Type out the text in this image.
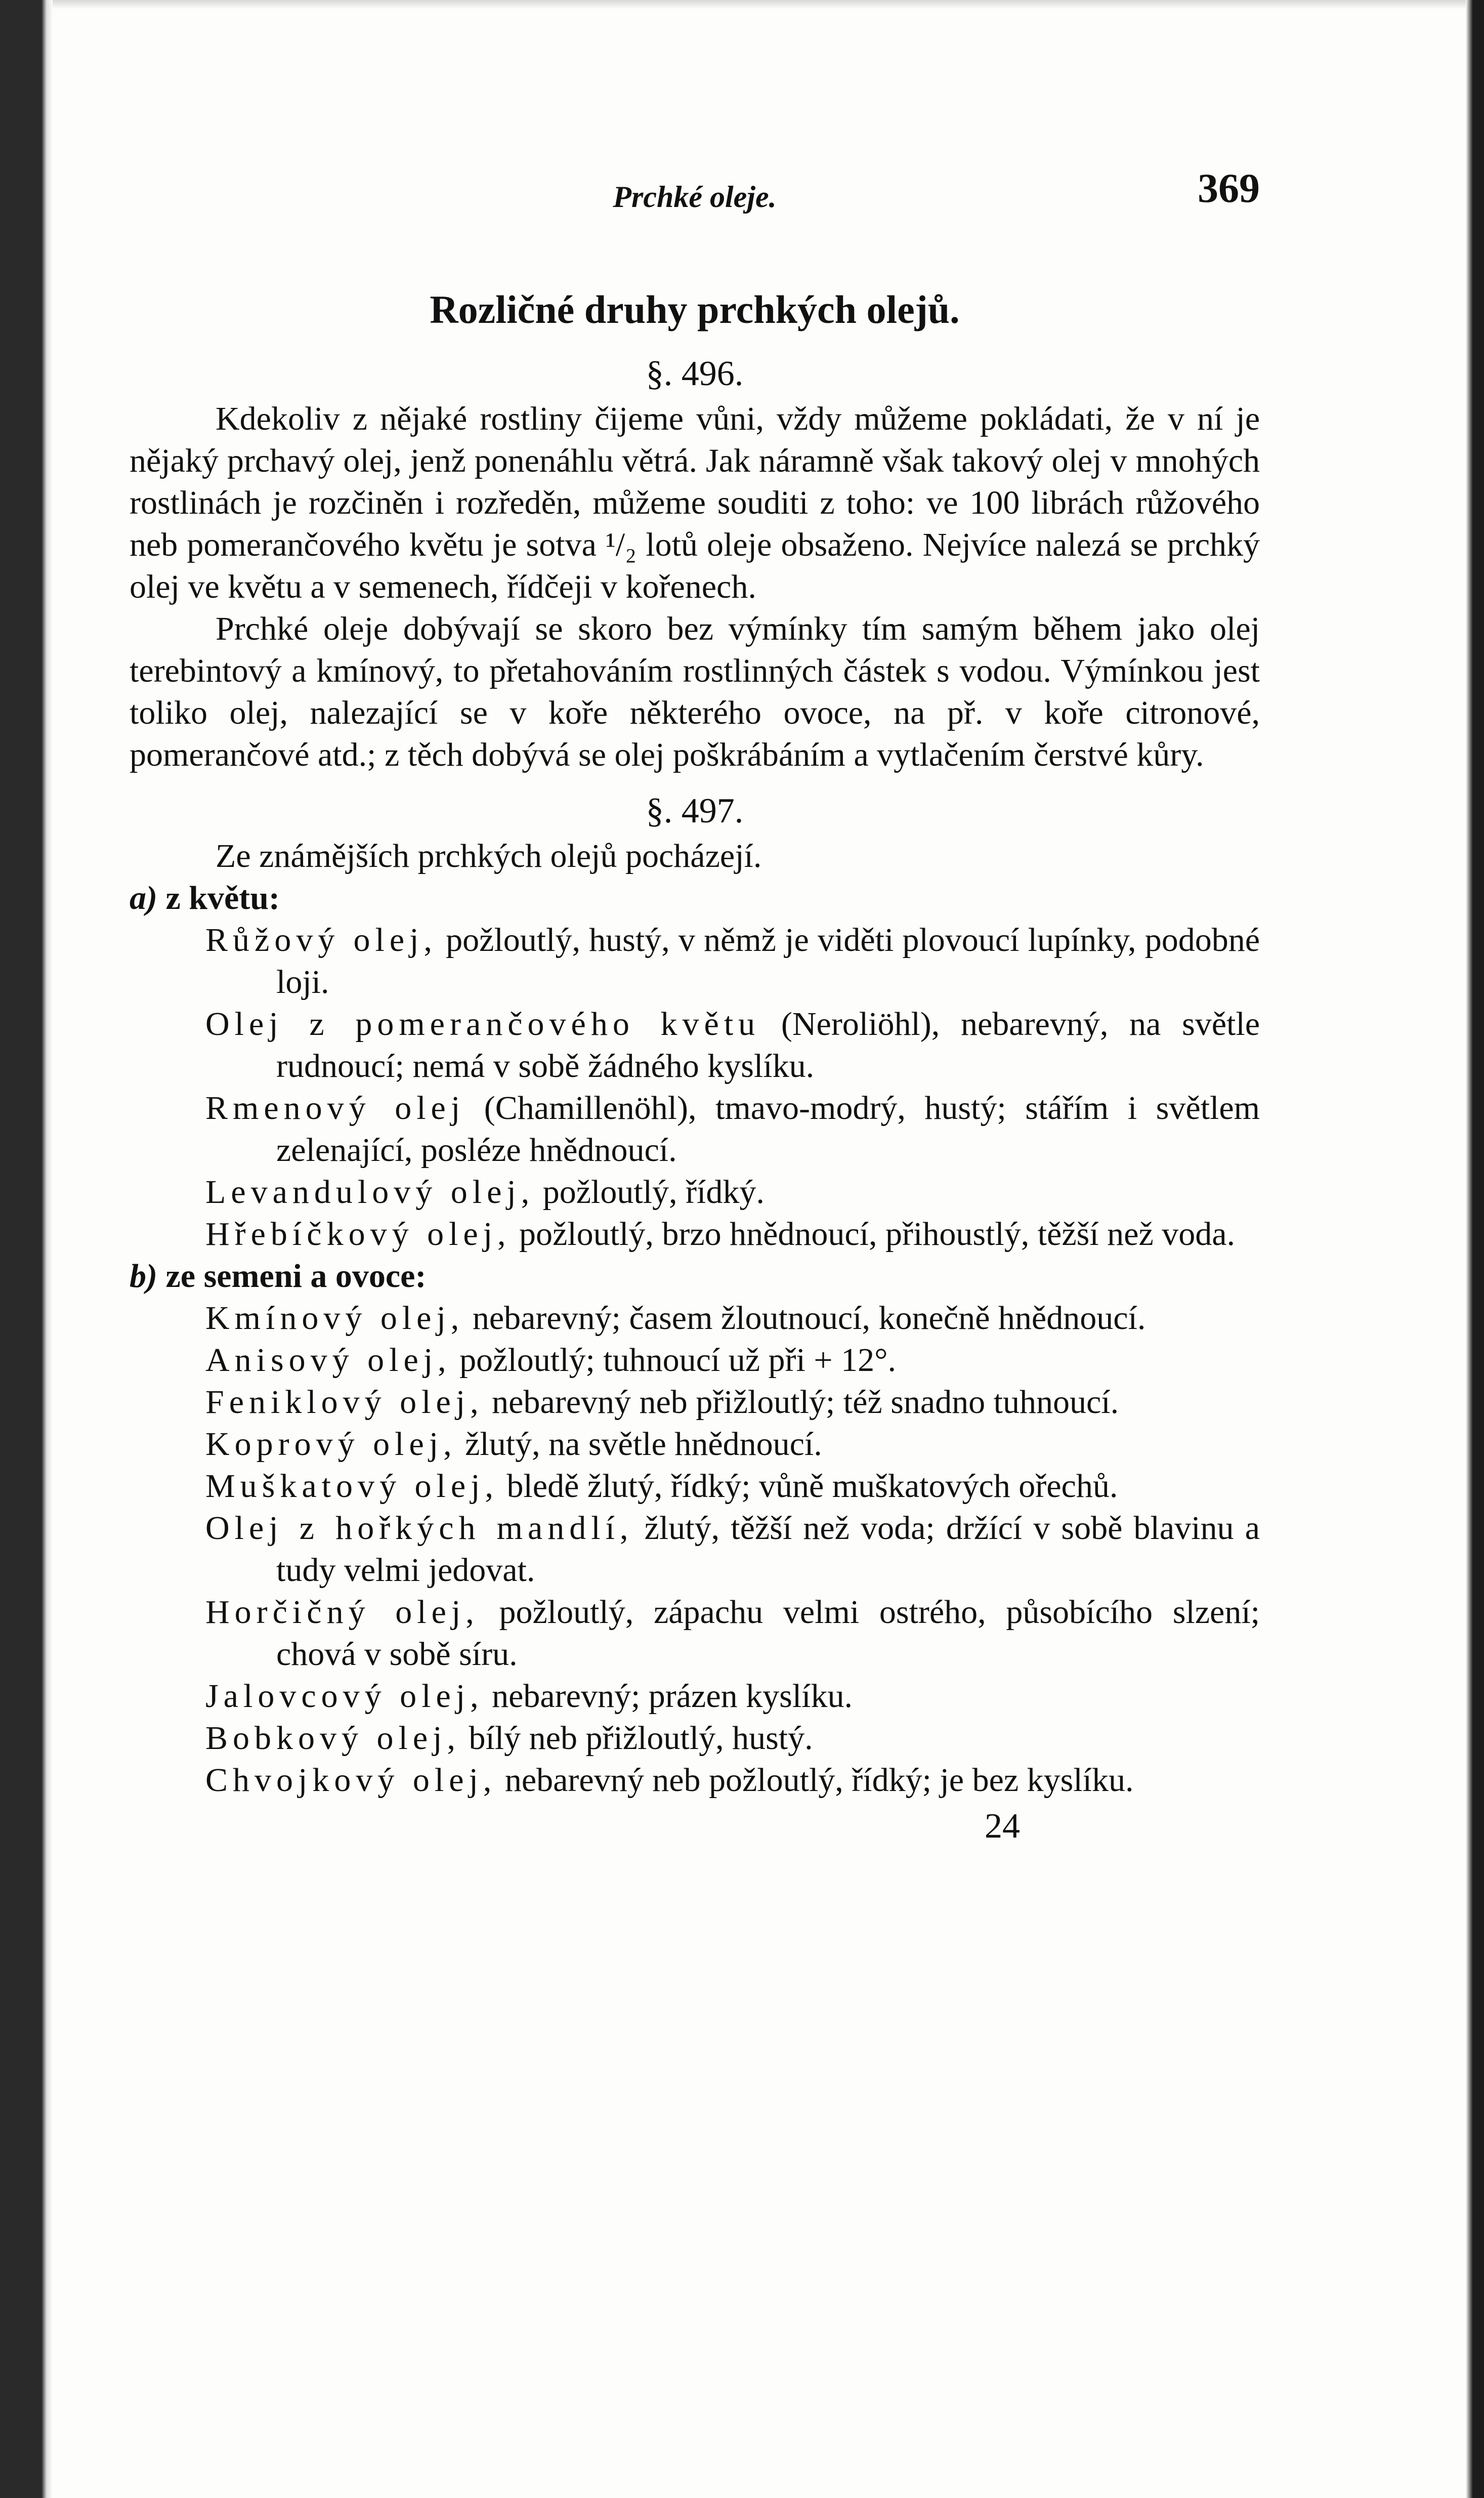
Prchké oleje.	369
Rozličné druhy prchkých olejů.
§. 496.

Kdekoliv z nějaké rostliny čijeme vůni, vždy můžeme pokládati, že v ní je nějaký prchavý olej, jenž ponenáhlu větrá. Jak náramně však takový olej v mnohých rostlinách je rozčiněn i rozředěn, můžeme souditi z toho: ve 100 librách růžového neb pomerančového květu je sotva ¹/₂ lotů oleje obsaženo. Nejvíce nalezá se prchký olej ve květu a v semenech, řídčeji v kořenech.

Prchké oleje dobývají se skoro bez výmínky tím samým během jako olej terebintový a kmínový, to přetahováním rostlinných částek s vodou. Výmínkou jest toliko olej, nalezající se v koře některého ovoce, na př. v koře citronové, pomerančové atd.; z těch dobývá se olej poškrábáním a vytlačením čerstvé kůry.

§. 497.

Ze známějších prchkých olejů pocházejí.

a) z květu:

Růžový olej, požloutlý, hustý, v němž je viděti plovoucí lupínky, podobné loji.

Olej z pomerančového květu (Neroliöhl), nebarevný, na světle rudnoucí; nemá v sobě žádného kyslíku.

Rmenový olej (Chamillenöhl), tmavo-modrý, hustý; stářím i světlem zelenající, posléze hnědnoucí.

Levandulový olej, požloutlý, řídký.

Hřebíčkový olej, požloutlý, brzo hnědnoucí, přihoustlý, těžší než voda.

b) ze semeni a ovoce:

Kmínový olej, nebarevný; časem žloutnoucí, konečně hnědnoucí.

Anisový olej, požloutlý; tuhnoucí už při + 12°.

Feniklový olej, nebarevný neb přižloutlý; též snadno tuhnoucí.

Koprový olej, žlutý, na světle hnědnoucí.

Muškatový olej, bledě žlutý, řídký; vůně muškatových ořechů.

Olej z hořkých mandlí, žlutý, těžší než voda; držící v sobě blavinu a tudy velmi jedovat.

Horčičný olej, požloutlý, zápachu velmi ostrého, působícího slzení; chová v sobě síru.

Jalovcový olej, nebarevný; prázen kyslíku.

Bobkový olej, bílý neb přižloutlý, hustý.

Chvojkový olej, nebarevný neb požloutlý, řídký; je bez kyslíku.

24
